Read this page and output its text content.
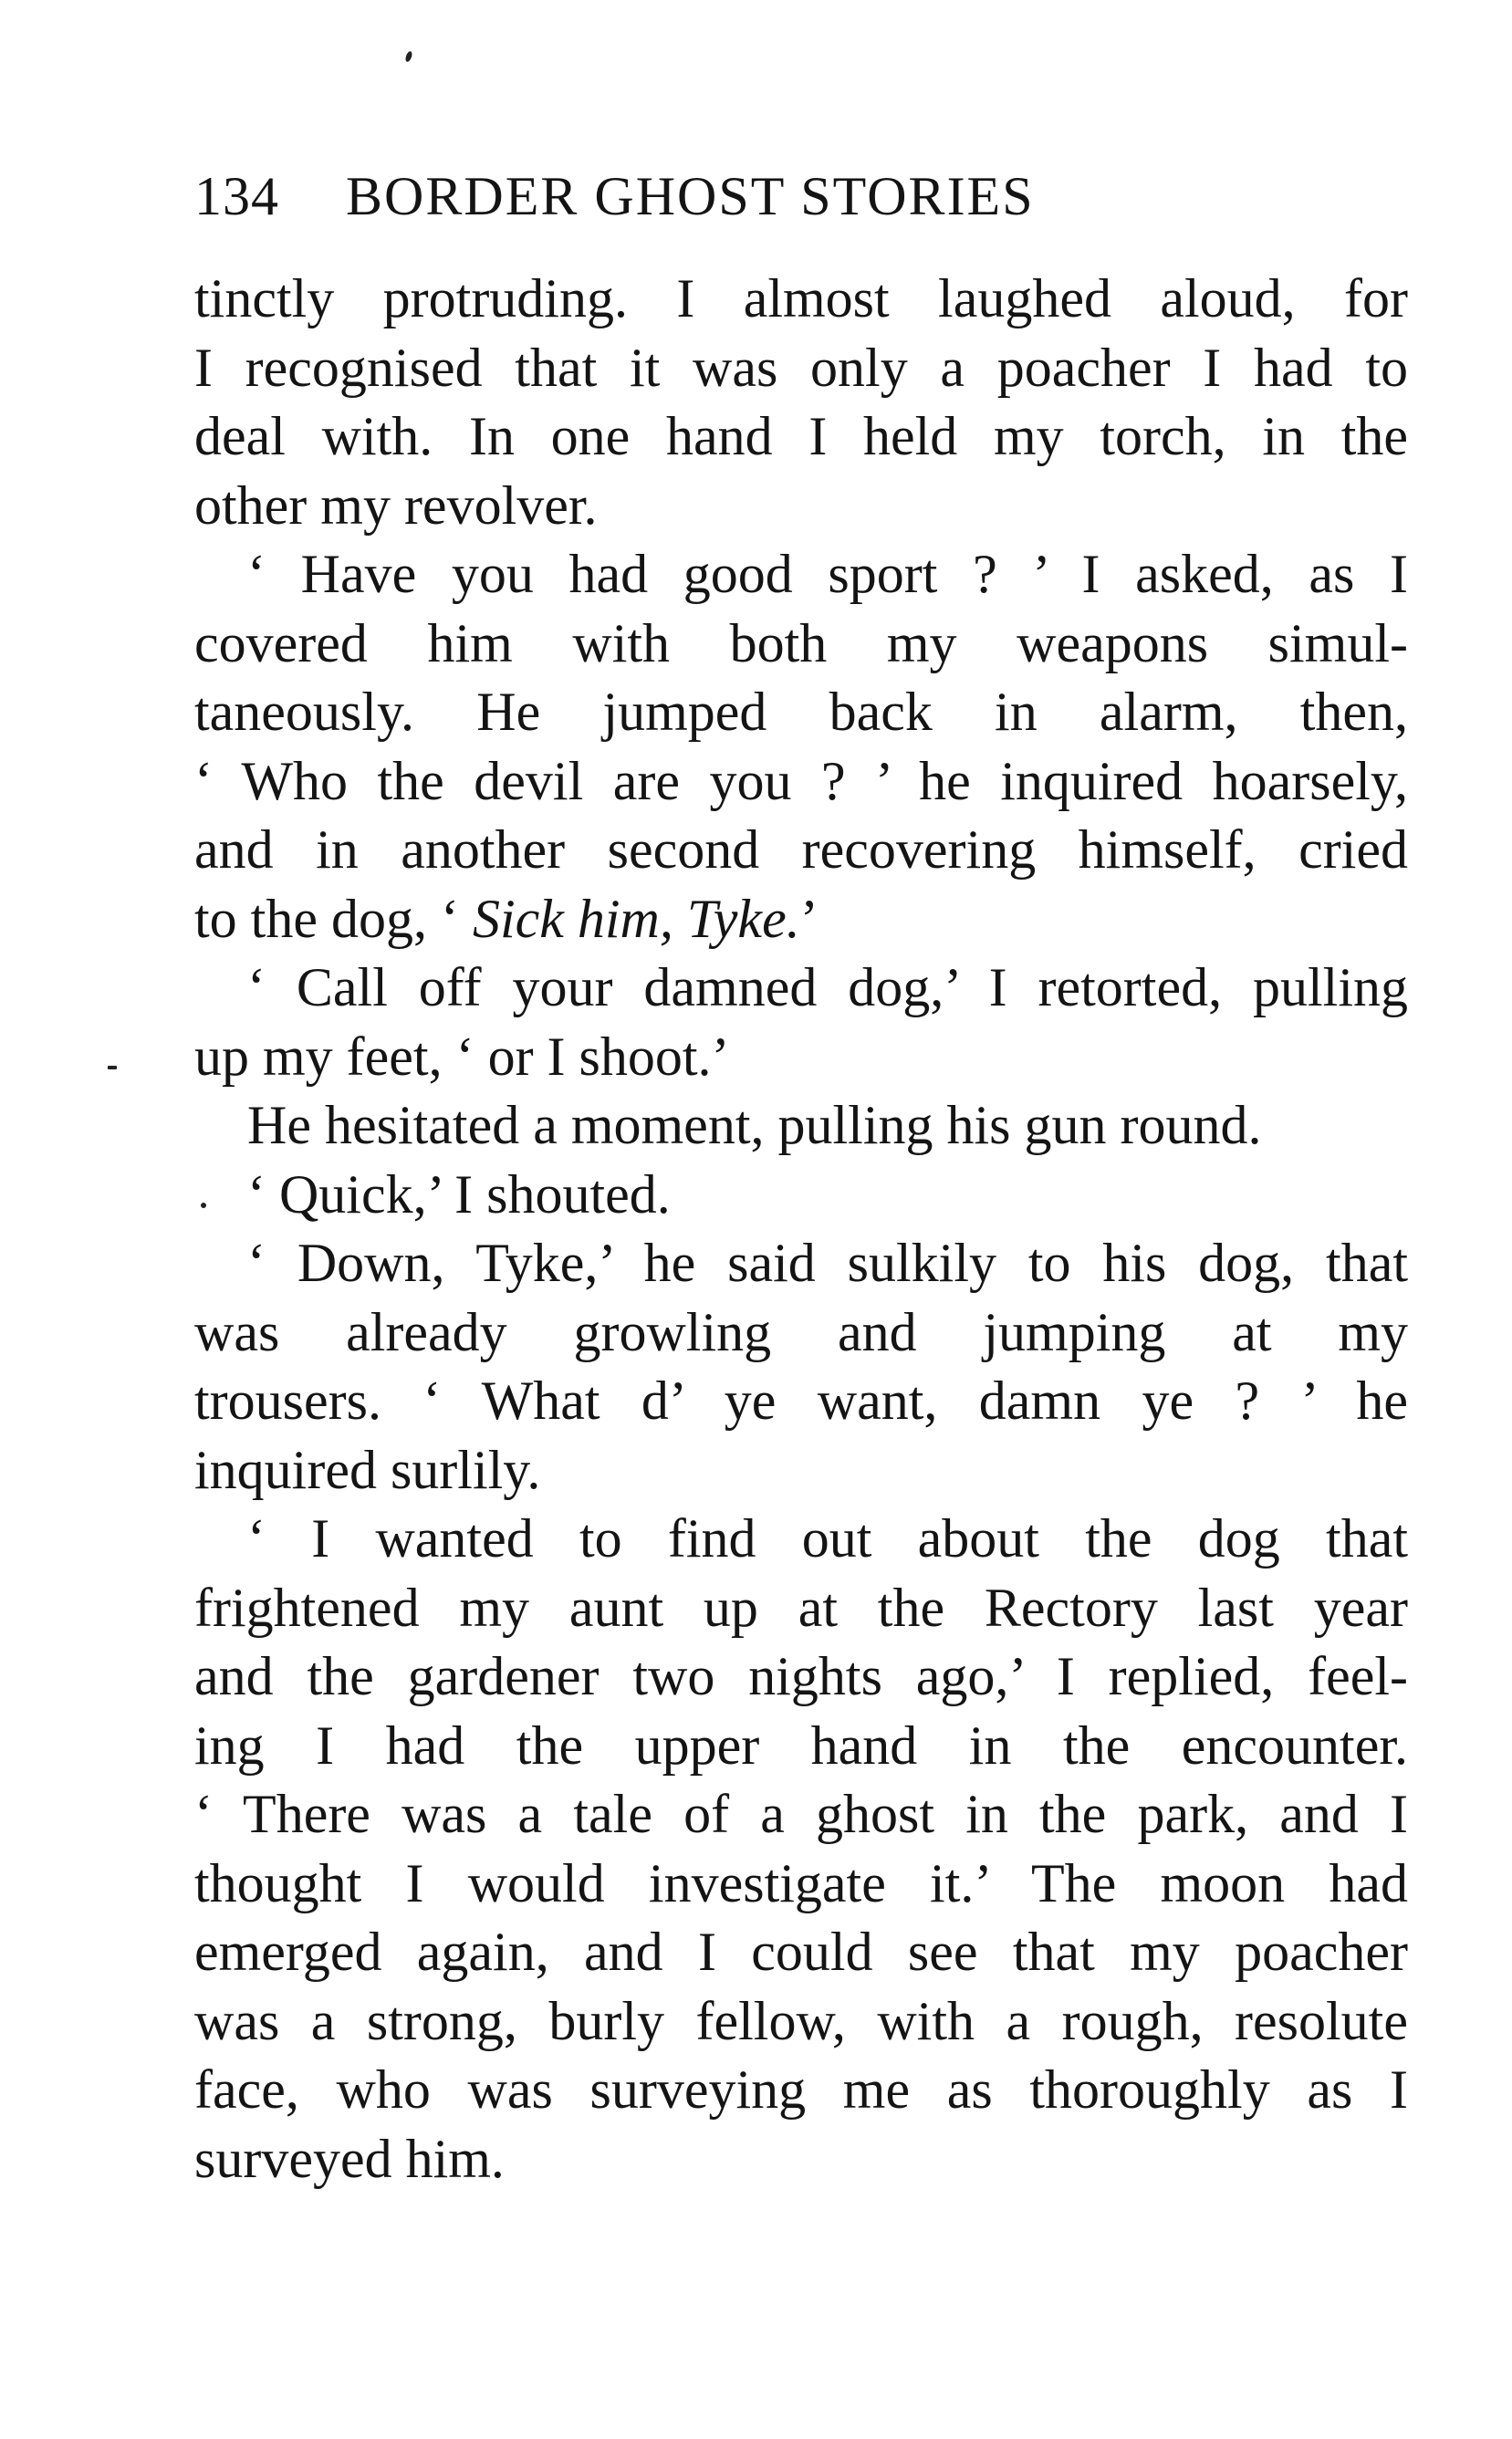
134 BORDER GHOST STORIES
tinctly protruding. I almost laughed aloud, for
I recognised that it was only a poacher I had to
deal with. In one hand I held my torch, in the
other my revolver.
‘ Have you had good sport ? ’ I asked, as I
covered him with both my weapons simul-
taneously. He jumped back in alarm, then,
‘ Who the devil are you ? ’ he inquired hoarsely,
and in another second recovering himself, cried
to the dog, ‘ Sick him, Tyke.’
‘ Call off your damned dog,’ I retorted, pulling
up my feet, ‘ or I shoot.’
He hesitated a moment, pulling his gun round.
‘ Quick,’ I shouted.
‘ Down, Tyke,’ he said sulkily to his dog, that
was already growling and jumping at my
trousers. ‘ What d’ ye want, damn ye ? ’ he
inquired surlily.
‘ I wanted to find out about the dog that
frightened my aunt up at the Rectory last year
and the gardener two nights ago,’ I replied, feel-
ing I had the upper hand in the encounter.
‘ There was a tale of a ghost in the park, and I
thought I would investigate it.’ The moon had
emerged again, and I could see that my poacher
was a strong, burly fellow, with a rough, resolute
face, who was surveying me as thoroughly as I
surveyed him.
